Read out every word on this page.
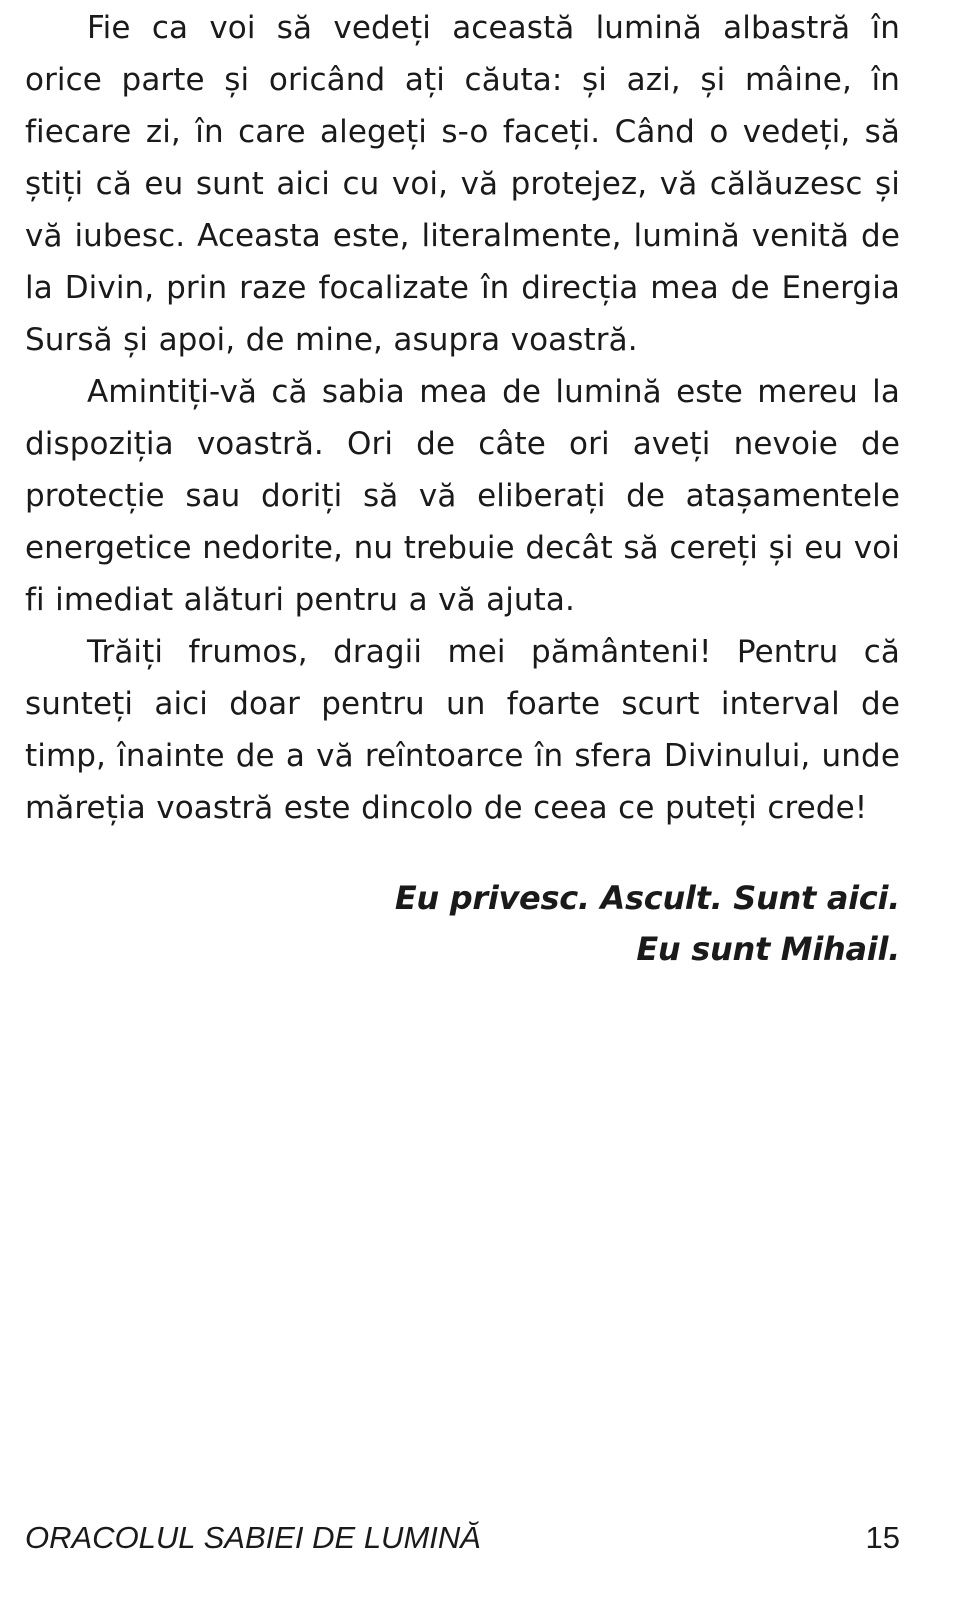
Fie ca voi să vedeți această lumină albastră în orice parte și oricând ați căuta: și azi, și mâine, în fiecare zi, în care alegeți s-o faceți. Când o vedeți, să știți că eu sunt aici cu voi, vă protejez, vă călăuzesc și vă iubesc. Aceasta este, literalmente, lumină venită de la Divin, prin raze focalizate în direcția mea de Energia Sursă și apoi, de mine, asupra voastră.

Amintiți-vă că sabia mea de lumină este mereu la dispoziția voastră. Ori de câte ori aveți nevoie de protecție sau doriți să vă eliberați de atașamentele energetice nedorite, nu trebuie decât să cereți și eu voi fi imediat alături pentru a vă ajuta.

Trăiți frumos, dragii mei pământeni! Pentru că sunteți aici doar pentru un foarte scurt interval de timp, înainte de a vă reîntoarce în sfera Divinului, unde măreția voastră este dincolo de ceea ce puteți crede!

Eu privesc. Ascult. Sunt aici.
Eu sunt Mihail.
ORACOLUL SABIEI DE LUMINĂ	15
